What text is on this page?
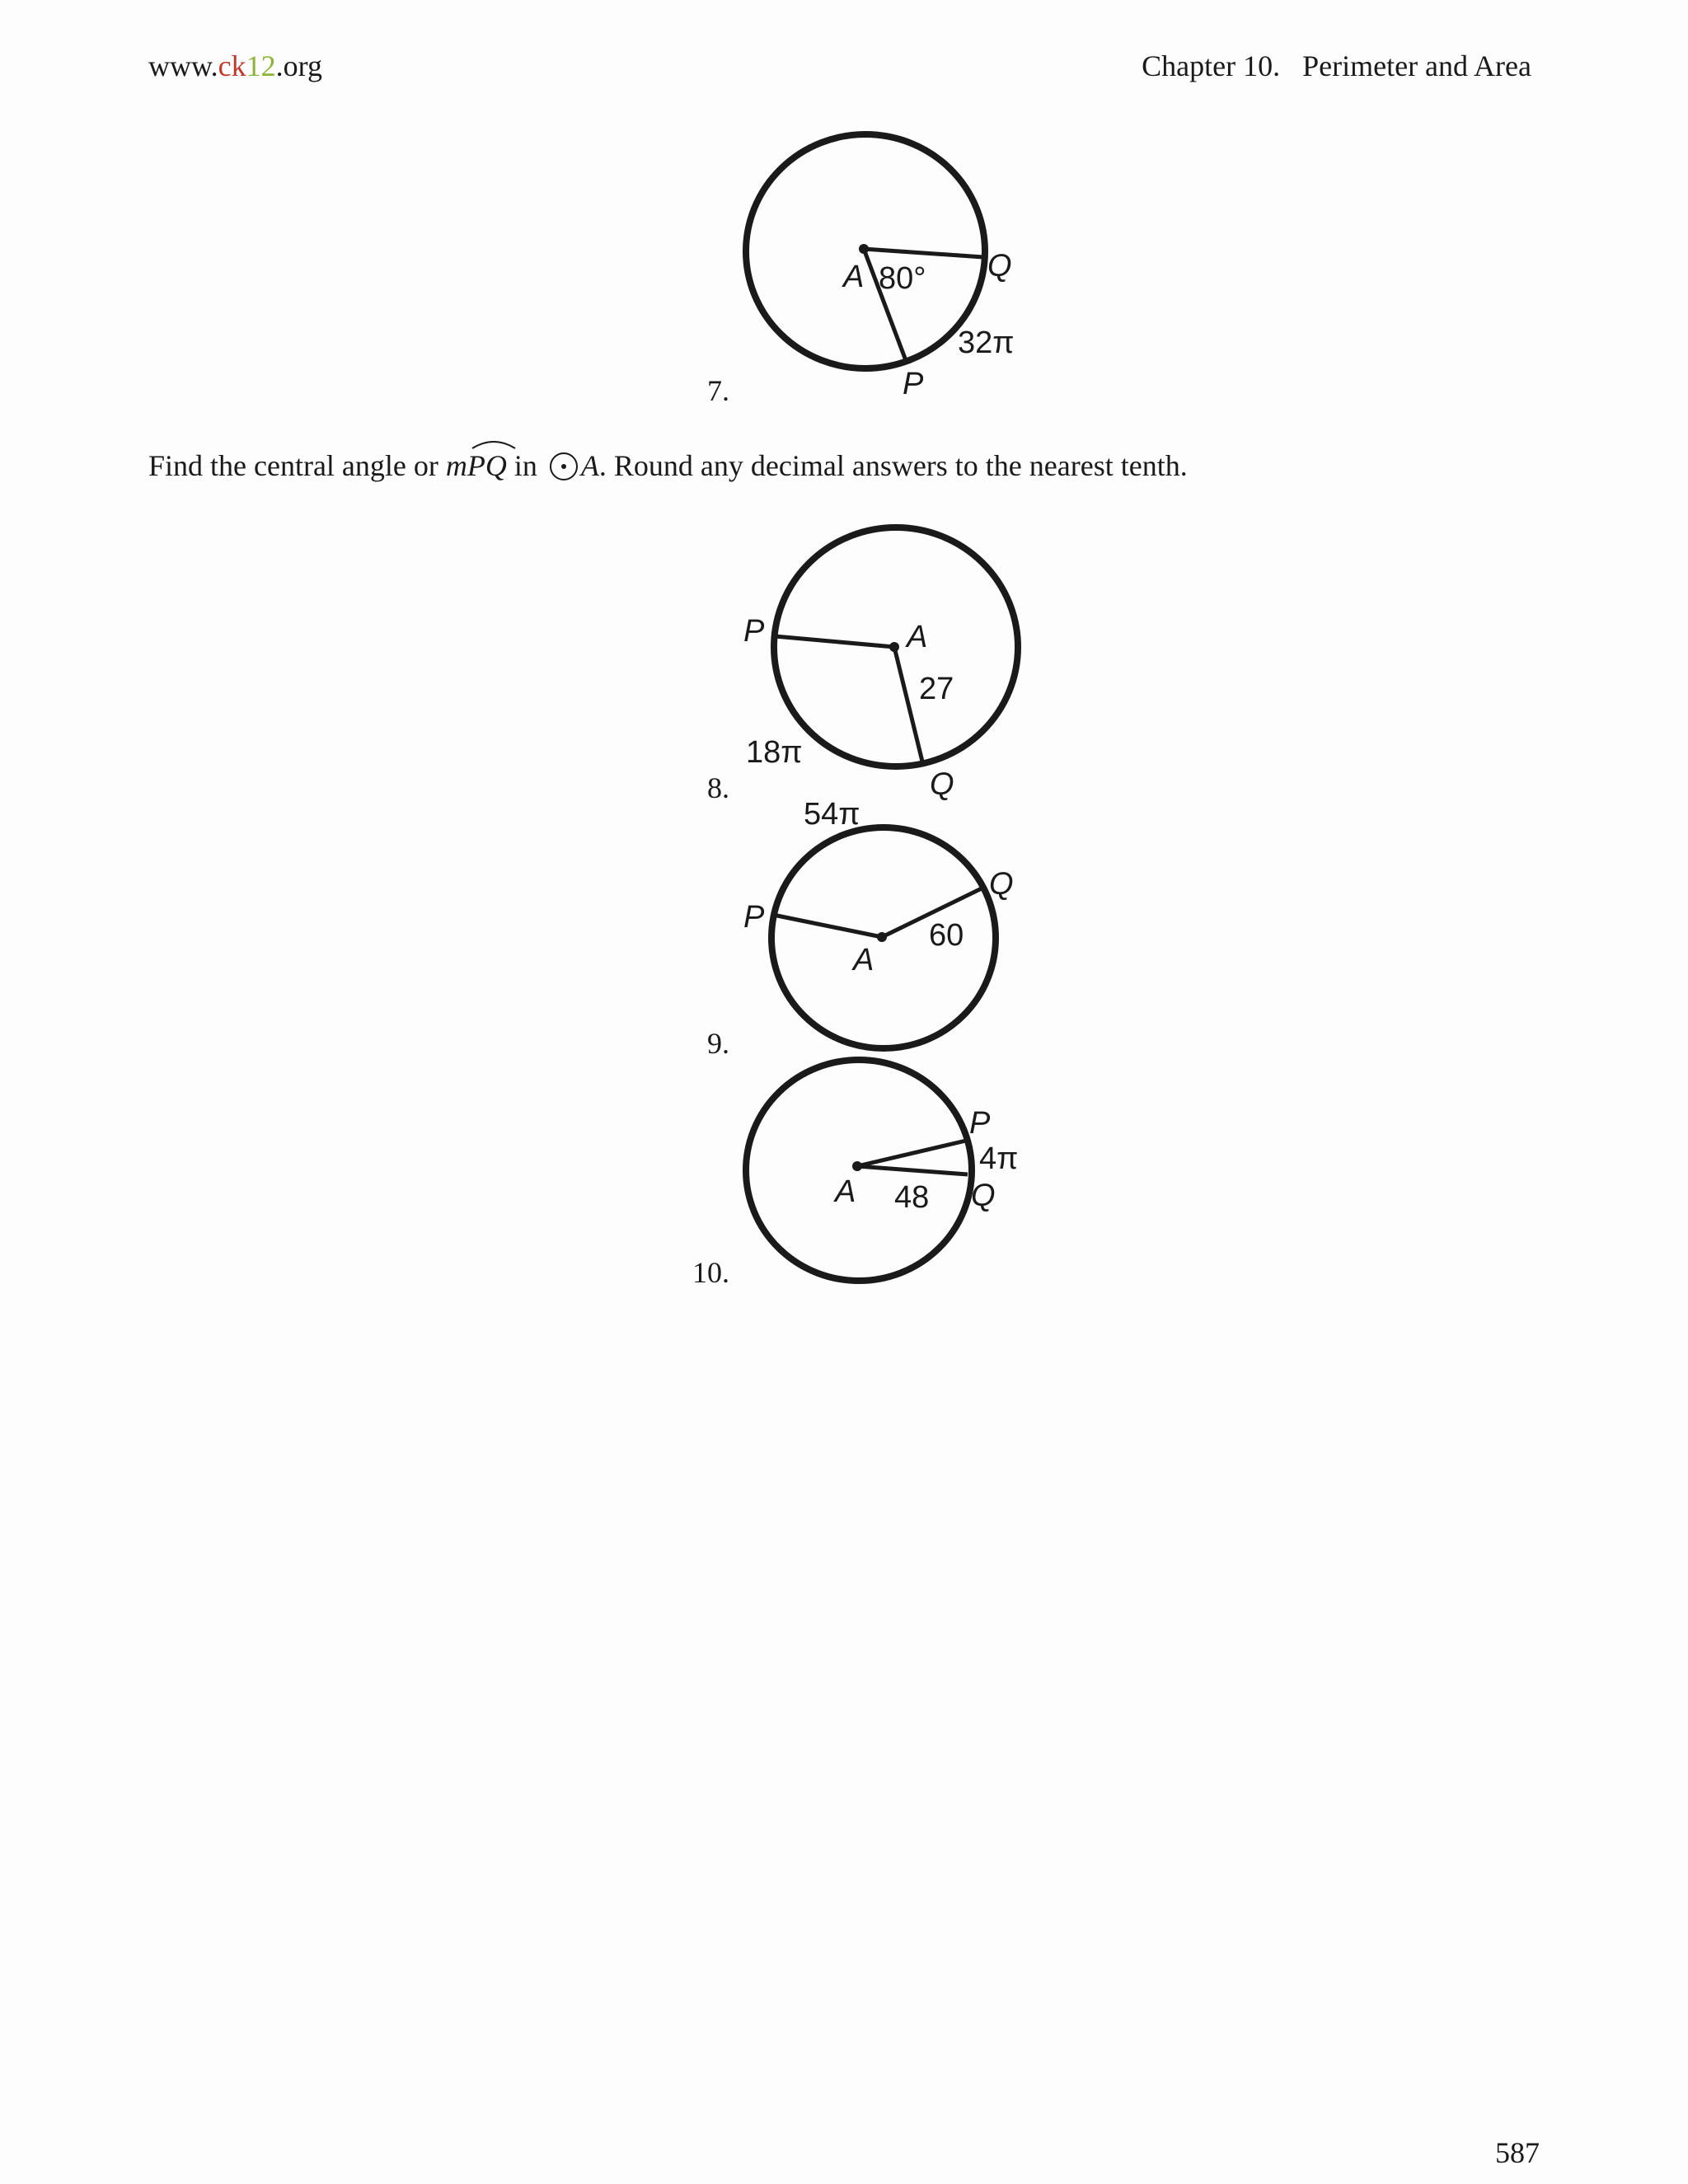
www.ck12.org	Chapter 10.   Perimeter and Area
7.
8.
9.
10.
Find the central angle or m
PQ in A. Round any decimal answers to the nearest tenth.
587
A 80° Q
32π
P
P	A
27
18π
Q
54π
P
Q
60
A
P
4π
Q
A 48
